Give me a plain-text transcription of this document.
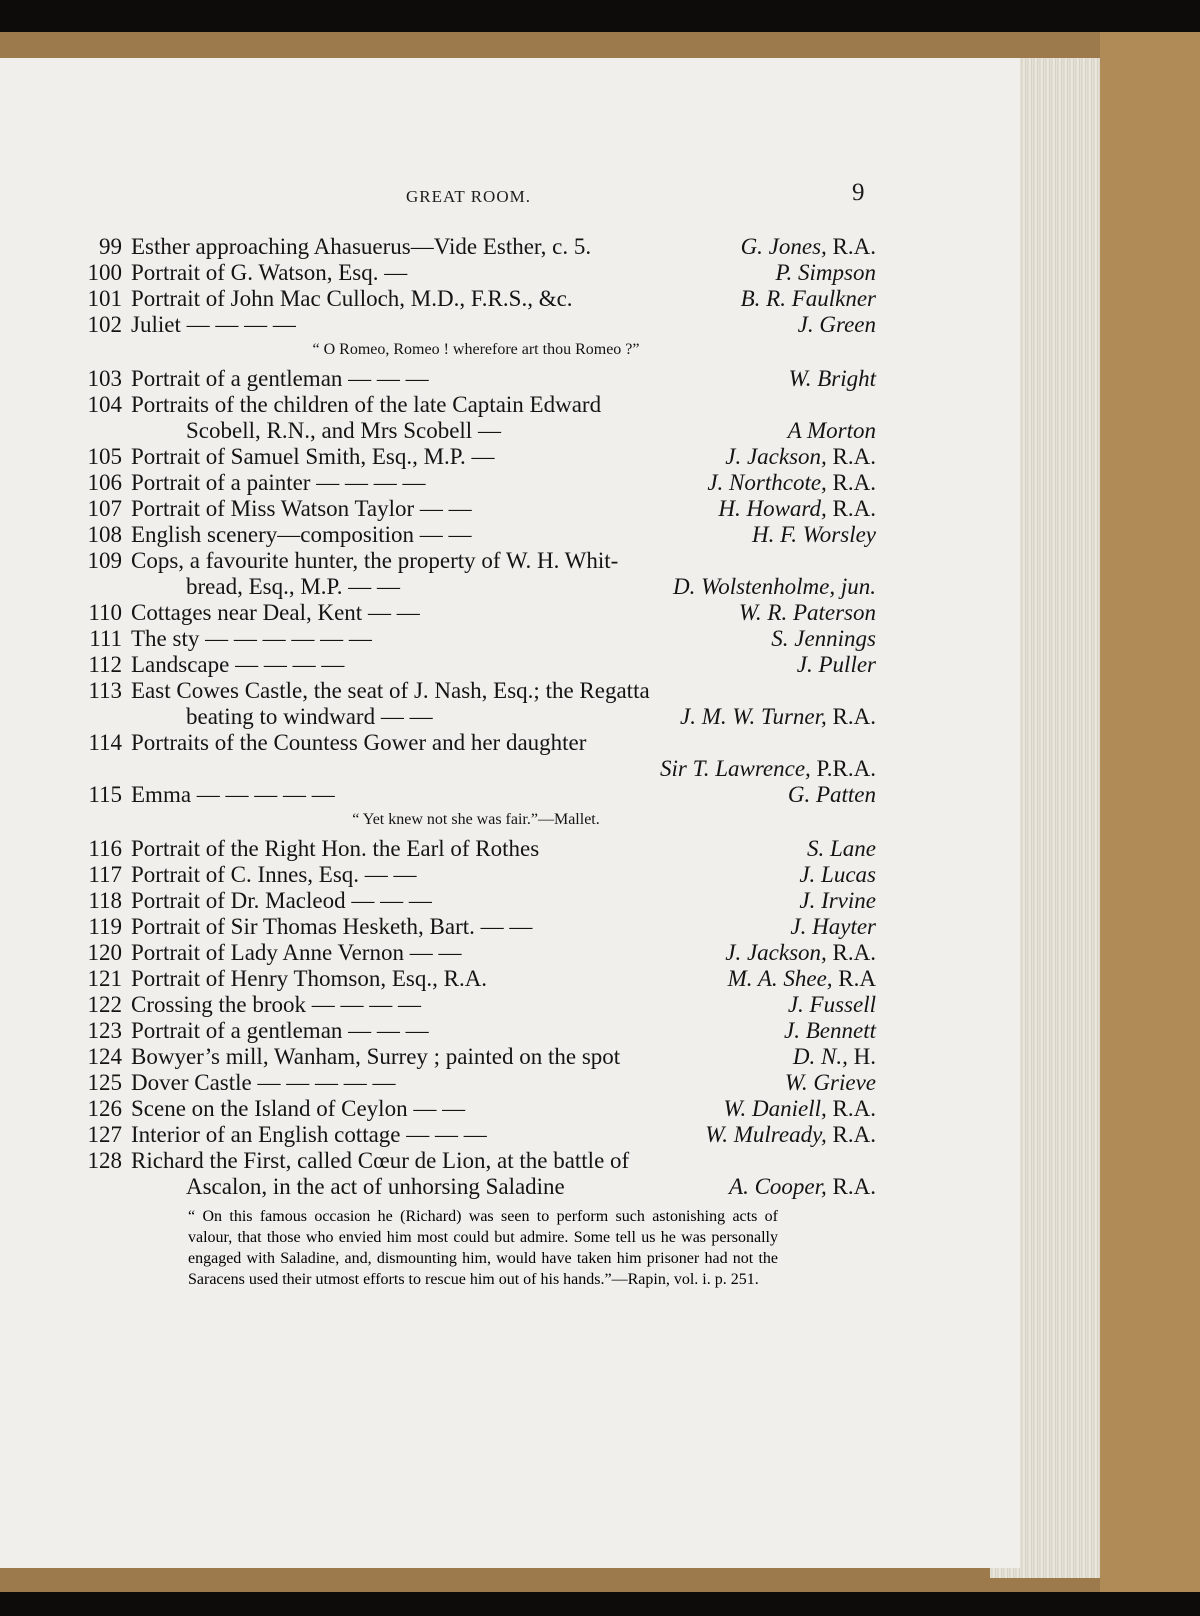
GREAT ROOM.	9
99 Esther approaching Ahasuerus—Vide Esther, c. 5.	G. Jones, R.A.
100 Portrait of G. Watson, Esq. —	P. Simpson
101 Portrait of John Mac Culloch, M.D., F.R.S., &c.	B. R. Faulkner
102 Juliet — — — —	J. Green
“ O Romeo, Romeo ! wherefore art thou Romeo ?”
103 Portrait of a gentleman — — —	W. Bright
104 Portraits of the children of the late Captain Edward
Scobell, R.N., and Mrs Scobell —	A Morton
105 Portrait of Samuel Smith, Esq., M.P. —	J. Jackson, R.A.
106 Portrait of a painter — — — —	J. Northcote, R.A.
107 Portrait of Miss Watson Taylor — —	H. Howard, R.A.
108 English scenery—composition — —	H. F. Worsley
109 Cops, a favourite hunter, the property of W. H. Whit-
bread, Esq., M.P. — —	D. Wolstenholme, jun.
110 Cottages near Deal, Kent — —	W. R. Paterson
111 The sty — — — — — —	S. Jennings
112 Landscape — — — —	J. Puller
113 East Cowes Castle, the seat of J. Nash, Esq.; the Regatta
beating to windward — —	J. M. W. Turner, R.A.
114 Portraits of the Countess Gower and her daughter
Sir T. Lawrence, P.R.A.
115 Emma — — — — —	G. Patten
“ Yet knew not she was fair.”—Mallet.
116 Portrait of the Right Hon. the Earl of Rothes	S. Lane
117 Portrait of C. Innes, Esq. — —	J. Lucas
118 Portrait of Dr. Macleod — — —	J. Irvine
119 Portrait of Sir Thomas Hesketh, Bart. — —	J. Hayter
120 Portrait of Lady Anne Vernon — —	J. Jackson, R.A.
121 Portrait of Henry Thomson, Esq., R.A.	M. A. Shee, R.A
122 Crossing the brook — — — —	J. Fussell
123 Portrait of a gentleman — — —	J. Bennett
124 Bowyer’s mill, Wanham, Surrey ; painted on the spot	D. N., H.
125 Dover Castle — — — — —	W. Grieve
126 Scene on the Island of Ceylon — —	W. Daniell, R.A.
127 Interior of an English cottage — — —	W. Mulready, R.A.
128 Richard the First, called Cœur de Lion, at the battle of
Ascalon, in the act of unhorsing Saladine	A. Cooper, R.A.
“ On this famous occasion he (Richard) was seen to perform such astonishing acts of valour, that those who envied him most could but admire. Some tell us he was personally engaged with Saladine, and, dismounting him, would have taken him prisoner had not the Saracens used their utmost efforts to rescue him out of his hands.”—Rapin, vol. i. p. 251.
